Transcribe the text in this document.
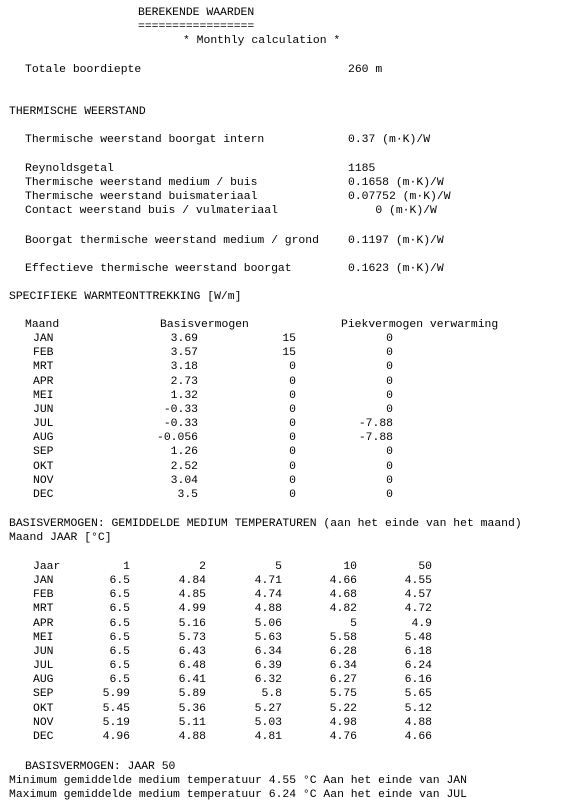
BEREKENDE WAARDEN
=================
* Monthly calculation *
Totale boordiepte	260 m
THERMISCHE WEERSTAND
Thermische weerstand boorgat intern	0.37 (m·K)/W
Reynoldsgetal	1185
Thermische weerstand medium / buis	0.1658 (m·K)/W
Thermische weerstand buismateriaal	0.07752 (m·K)/W
Contact weerstand buis / vulmateriaal	0 (m·K)/W
Boorgat thermische weerstand medium / grond	0.1197 (m·K)/W
Effectieve thermische weerstand boorgat	0.1623 (m·K)/W
SPECIFIEKE WARMTEONTTREKKING [W/m]
Maand	Basisvermogen	Piekvermogen verwarming
JAN	3.69	15	0
FEB	3.57	15	0
MRT	3.18	0	0
APR	2.73	0	0
MEI	1.32	0	0
JUN	-0.33	0	0
JUL	-0.33	0	-7.88
AUG	-0.056	0	-7.88
SEP	1.26	0	0
OKT	2.52	0	0
NOV	3.04	0	0
DEC	3.5	0	0
BASISVERMOGEN: GEMIDDELDE MEDIUM TEMPERATUREN (aan het einde van het maand)
Maand JAAR [°C]
Jaar	1	2	5	10	50
JAN	6.5	4.84	4.71	4.66	4.55
FEB	6.5	4.85	4.74	4.68	4.57
MRT	6.5	4.99	4.88	4.82	4.72
APR	6.5	5.16	5.06	5	4.9
MEI	6.5	5.73	5.63	5.58	5.48
JUN	6.5	6.43	6.34	6.28	6.18
JUL	6.5	6.48	6.39	6.34	6.24
AUG	6.5	6.41	6.32	6.27	6.16
SEP	5.99	5.89	5.8	5.75	5.65
OKT	5.45	5.36	5.27	5.22	5.12
NOV	5.19	5.11	5.03	4.98	4.88
DEC	4.96	4.88	4.81	4.76	4.66
BASISVERMOGEN: JAAR 50
Minimum gemiddelde medium temperatuur 4.55 °C Aan het einde van JAN
Maximum gemiddelde medium temperatuur 6.24 °C Aan het einde van JUL
